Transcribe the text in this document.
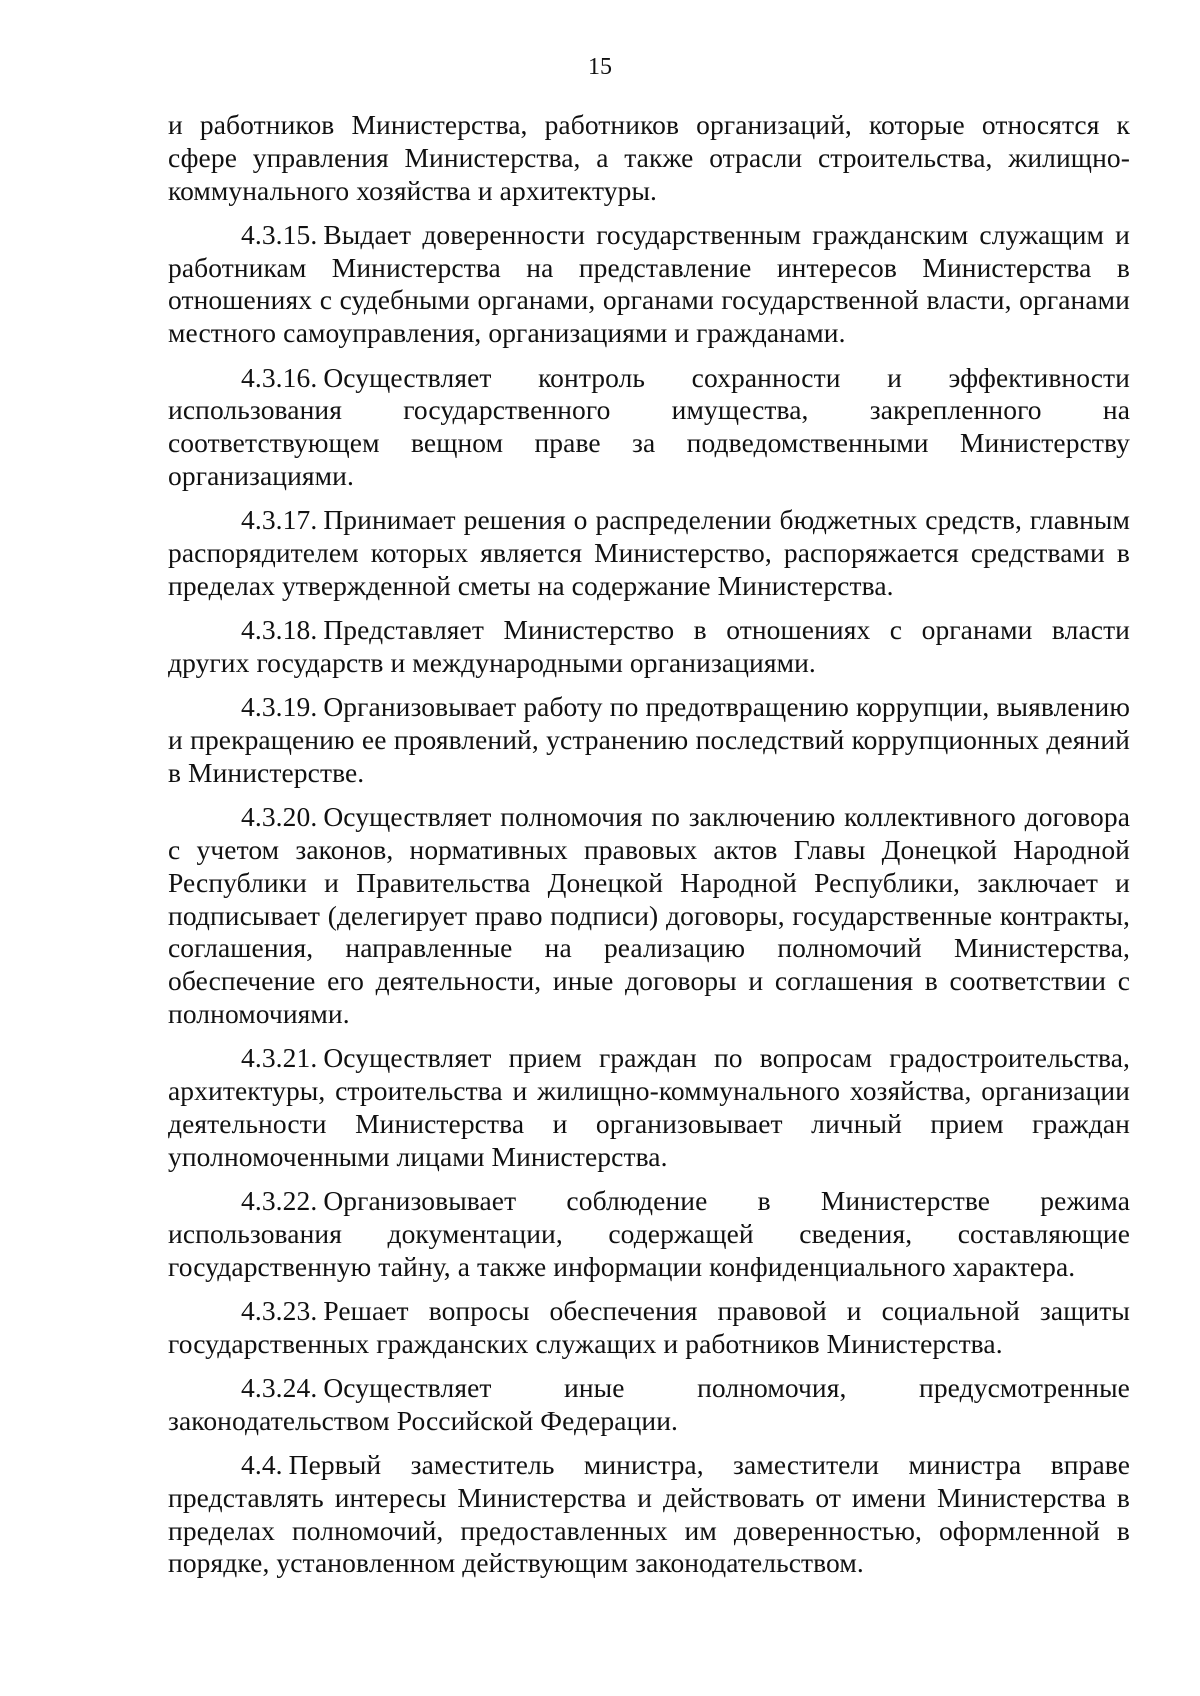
15

и работников Министерства, работников организаций, которые относятся к сфере управления Министерства, а также отрасли строительства, жилищно-коммунального хозяйства и архитектуры.

4.3.15. Выдает доверенности государственным гражданским служащим и работникам Министерства на представление интересов Министерства в отношениях с судебными органами, органами государственной власти, органами местного самоуправления, организациями и гражданами.

4.3.16. Осуществляет контроль сохранности и эффективности использования государственного имущества, закрепленного на соответствующем вещном праве за подведомственными Министерству организациями.

4.3.17. Принимает решения о распределении бюджетных средств, главным распорядителем которых является Министерство, распоряжается средствами в пределах утвержденной сметы на содержание Министерства.

4.3.18. Представляет Министерство в отношениях с органами власти других государств и международными организациями.

4.3.19. Организовывает работу по предотвращению коррупции, выявлению и прекращению ее проявлений, устранению последствий коррупционных деяний в Министерстве.

4.3.20. Осуществляет полномочия по заключению коллективного договора с учетом законов, нормативных правовых актов Главы Донецкой Народной Республики и Правительства Донецкой Народной Республики, заключает и подписывает (делегирует право подписи) договоры, государственные контракты, соглашения, направленные на реализацию полномочий Министерства, обеспечение его деятельности, иные договоры и соглашения в соответствии с полномочиями.

4.3.21. Осуществляет прием граждан по вопросам градостроительства, архитектуры, строительства и жилищно-коммунального хозяйства, организации деятельности Министерства и организовывает личный прием граждан уполномоченными лицами Министерства.

4.3.22. Организовывает соблюдение в Министерстве режима использования документации, содержащей сведения, составляющие государственную тайну, а также информации конфиденциального характера.

4.3.23. Решает вопросы обеспечения правовой и социальной защиты государственных гражданских служащих и работников Министерства.

4.3.24. Осуществляет иные полномочия, предусмотренные законодательством Российской Федерации.

4.4. Первый заместитель министра, заместители министра вправе представлять интересы Министерства и действовать от имени Министерства в пределах полномочий, предоставленных им доверенностью, оформленной в порядке, установленном действующим законодательством.
